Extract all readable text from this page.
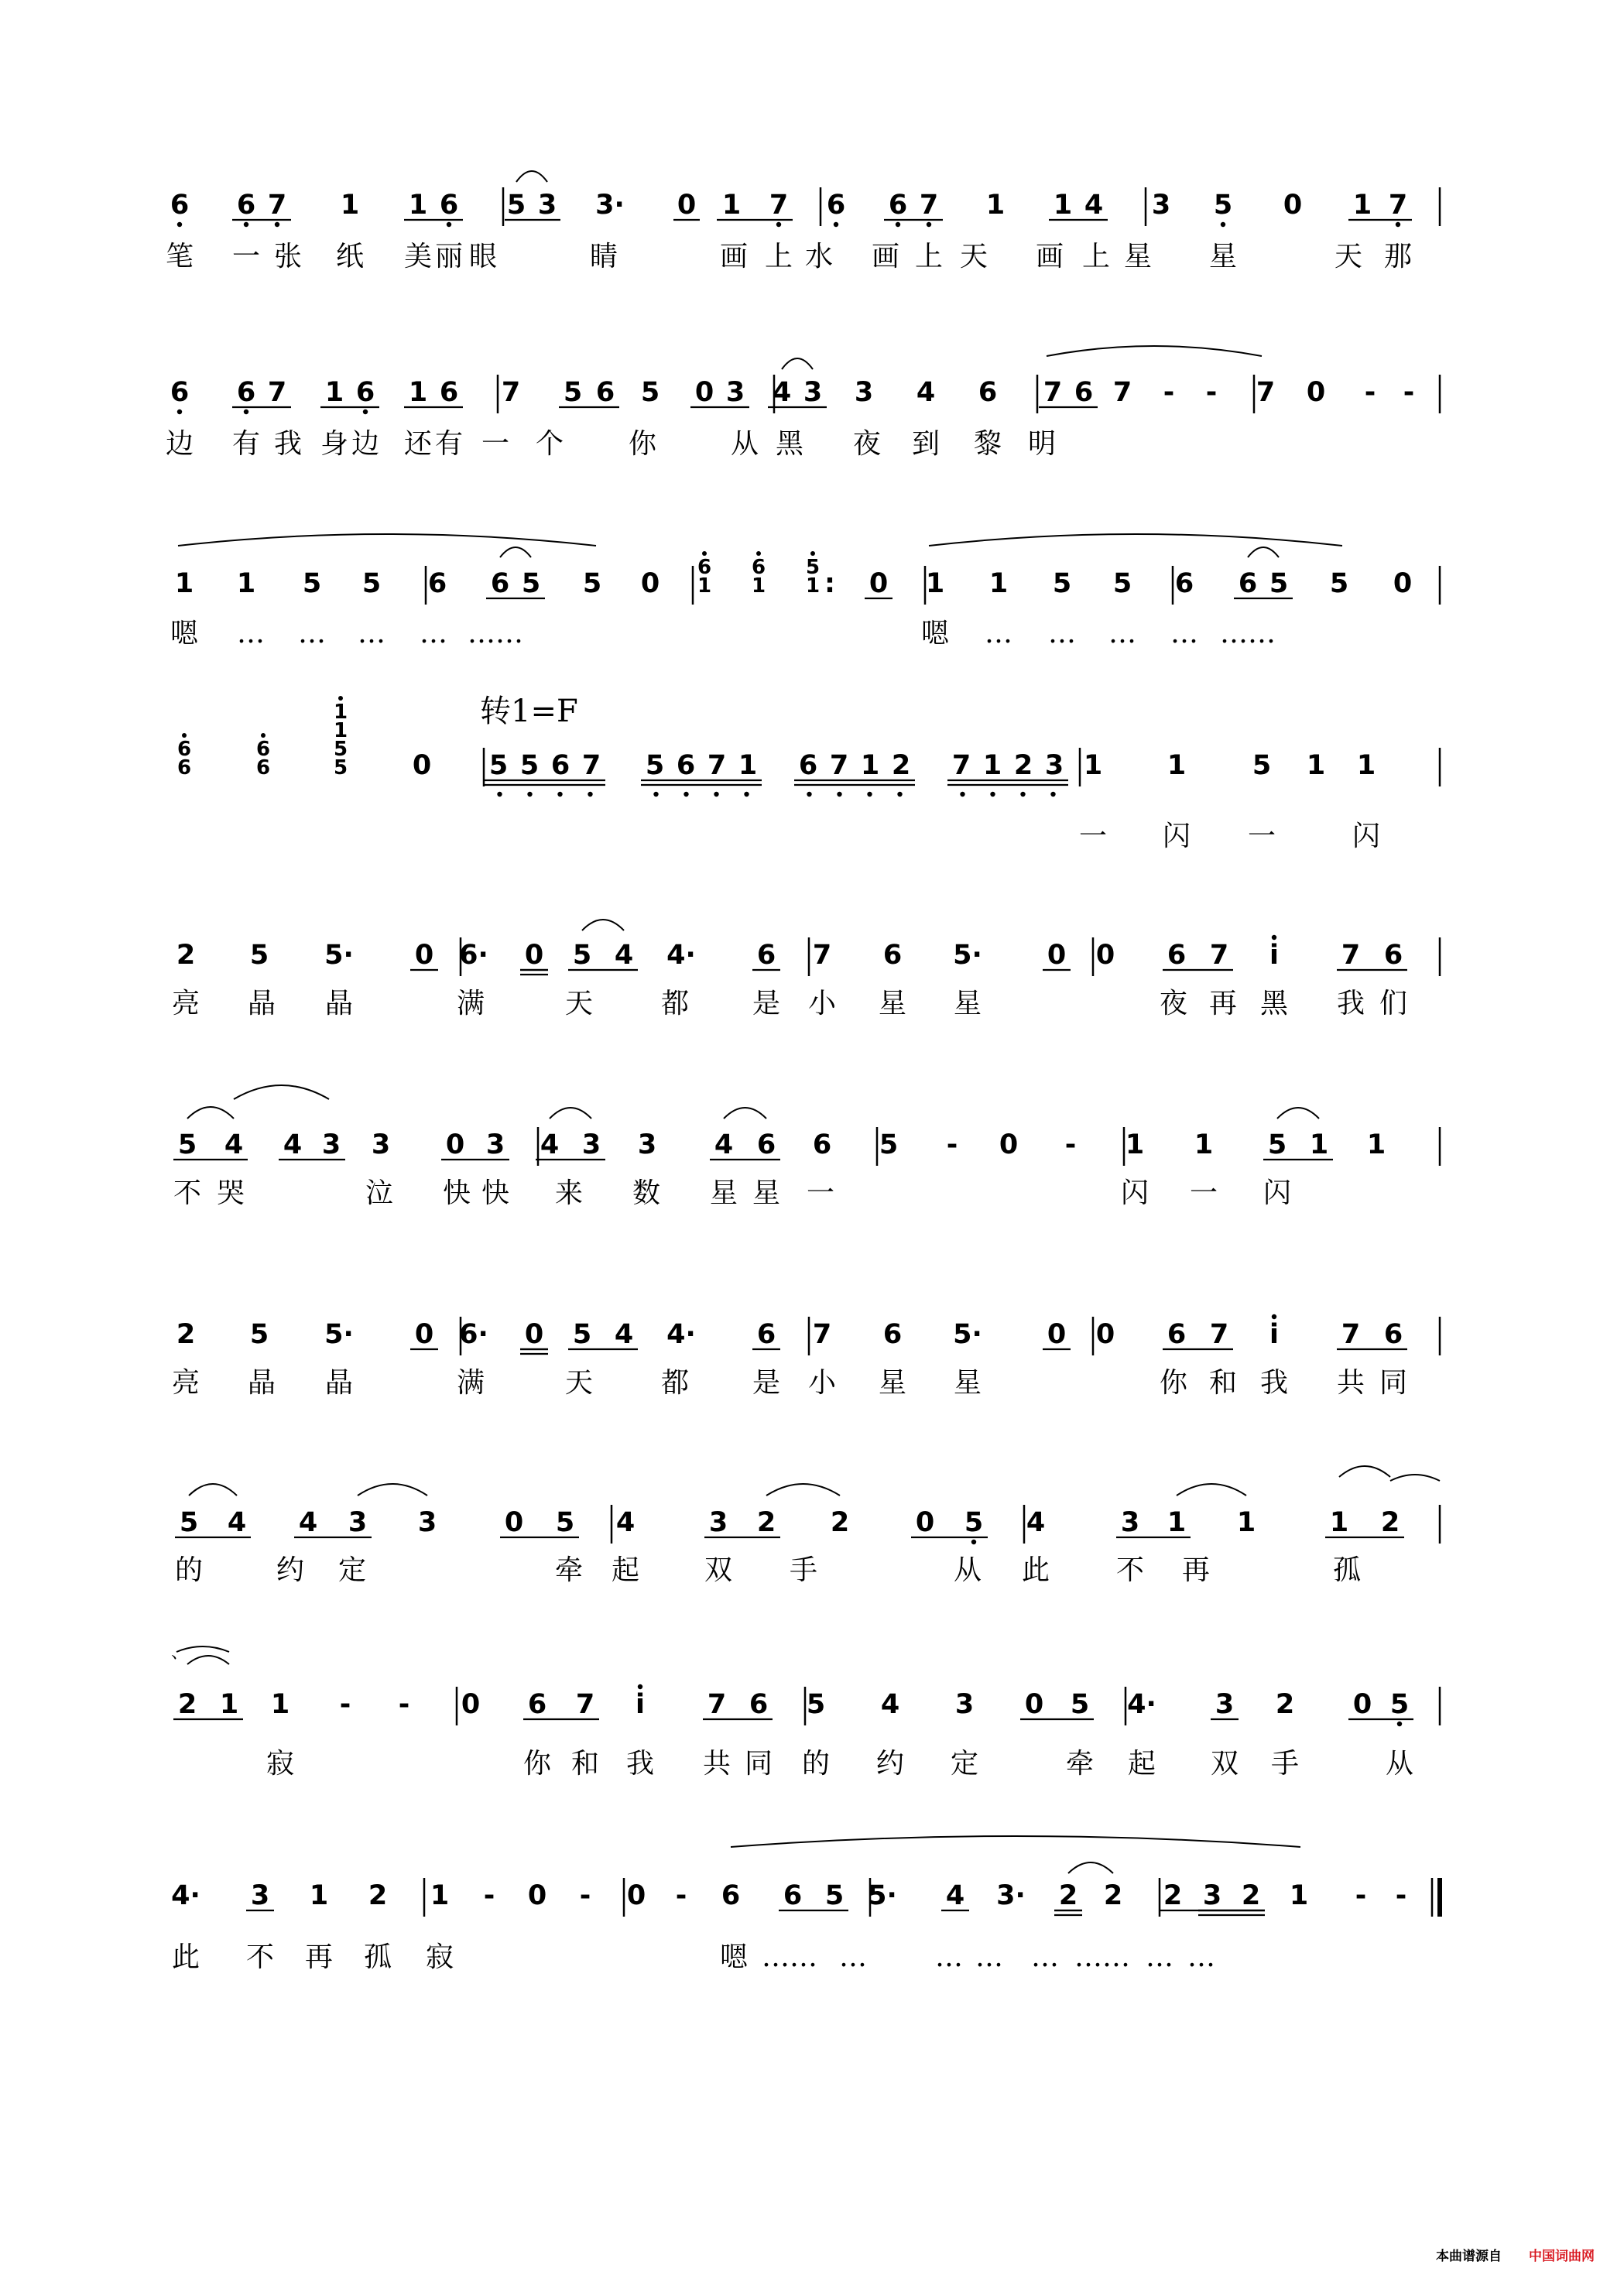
6 6 7 1 1 6 5 3 3· 0 1 7 6 6 7 1 1 4 3 5 0 1 7
笔 一 张 纸 美 丽 眼	睛	画 上 水 画 上 天 画 上 星 星	天 那
6 6 7 1 6 1 6 7 5 6 5 0 3 4 3 3 4 6 7 6 7 - - 7 0 - -
边 有 我 身 边 还 有 一 个 你	从 黑 夜 到 黎 明
1 1 5 5 6 6 5 5 0
6
1
6
1
5
1 : 0 1 1 5 5 6 6 5 5 0
嗯 … … … … ……	嗯 … … … … ……
转1=F
6
6
6
6
1
1
5
5 0 5 5 6 7 5 6 7 1 6 7 1 2 7 1 2 3 1 1 5 1 1
一 闪 一	闪
2 5 5· 0 6· 0 5 4 4· 6 7 6 5· 0 0 6 7 i 7 6
亮 晶 晶	满	天 都 是 小 星 星	夜 再 黑 我 们
5 4 4 3 3 0 3 4 3 3 4 6 6 5 - 0 - 1 1 5 1 1
不 哭	泣 快 快 来 数 星 星 一	闪 一 闪
2 5 5· 0 6· 0 5 4 4· 6 7 6 5· 0 0 6 7 i 7 6
亮 晶 晶	满	天 都 是 小 星 星	你 和 我 共 同
5 4 4 3 3	0 5 4	3 2 2 0 5 4	3 1 1	1 2
的	约 定	牵 起 双 手	从 此 不 再	孤
2 1 1 - - 0 6 7 i 7 6 5 4 3 0 5 4· 3 2 0 5
、
寂	你 和 我 共 同 的 约 定	牵 起 双 手	从
4· 3 1 2 1 - 0 - 0 - 6 6 5 5· 4 3· 2 2 2 3 2 1 - -
此 不 再 孤 寂	嗯 …… … … … … …… … …
本曲谱源自 中国词曲网
